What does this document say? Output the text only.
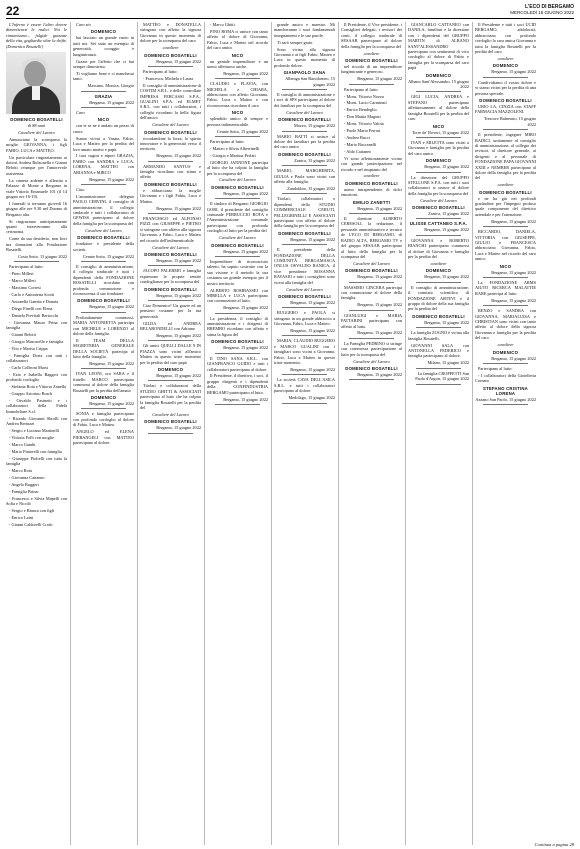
22	L'ECO DI BERGAMO
MERCOLEDÌ 15 GIUGNO 2022

L'Inferno è essere l'altro dovere dimenticarsi le radici. Noi le rimuoviamo... fulgide guizzate della vita, gagliardie oltre la drifte. (Domenico Bosatelli)

DOMENICO BOSATELLI

di 88 anni

Cavaliere del Lavoro

Annunciano la scomparsa la moglie GIOVANNA, i figli FABIO, LUCA e MATTEO.

Un particolare ringraziamento ai dottori Andrea Bolzonella e Gianni Belotti ovunque per l'amorevole assistenza.

La camera ardente è allestita a Palazzo di Monte a Bergamo in viale Vittorio Emanuele 101 (il 14 giugno ore 16-19).

I funerali si terranno giovedì 16 giugno alle ore 9.30 nel Duomo di Bergamo alta.

Si ringraziano anticipatamente quanti interverranno alla cerimonia.

Come da sua desiderio, non fiori ma donazioni alla Fondazione Bosatelli.

Costa Sotto, 13 giugno 2022

Partecipano al lutto:

- Piero Milleri

- Marco Milleri

- Massimo Cortesi

- Carlo e Antonietta Scotti

- Antonella Gamba e Donata

- Diego Finelli con Elena

- Daniela Previtali Bertocchi

- Giovanna Mauro Prina con famiglia

- Gianni Belotti

- Giorgio Mascarello e famiglia

- Vito e Marisa Crippa

- Famiglia Doria con tutti i collaboratori

- Carlo Colleoni Marsi

- Ezio e Isabella Baggeri con profondo cordoglio

- Stefania Roia e Vittorio Zanella

- Gruppo Astorino Bosch

- Osvaldo Pasinetti e i collaboratori della Fidelà Immobiliare S.r.l.

- Ricardo Giovanni Sbrolli con Andrea Bertuzzi

- Sergio e Luciano Martinelli

- Vittoria Folli con moglie

- Marco Gambi

- Mario Finiorelli con famiglia

- Giuseppe Pioltelli con tutta la famiglia

- Marco Rota

- Giovanna Cattaneo

- Angelo Ruggeri

- Famiglia Brinzi

- Francesco e Silvia Mapelli con Sofia e Nicolò

- Sergio e Bianca con figli

- Enrico Laini

- Gianni Caldorelli Crotti

Caro zio

DOMENICO

hai lasciato un grande vuoto in tutti noi. Sei stato un esempio di generosità, coraggio e lungimiranza.

Grazie per l'affetto che ci hai sempre dimostrato.

Ti vogliamo bene e ci mancherai tanto.

Massimo, Monica, Giorgio

GRAZIA

Bergamo, 15 giugno 2022

Caro

NICO

con te se ne è andato un pezzo di cuore.

Siamo vicini a Vanna, Fabio, Luca e Matteo per la perdita del loro amato marito e papà.

I tuoi cugini e nipoti GRAZIA, FABIO con SANDRA e LUCA, LORENA, MATTEO con ARIANNA e MIRCO

Bergamo, 15 giugno 2022

Ciao

L'amministratore delegato PAOLO CERVINI, il consiglio di amministrazione, il collegio sindacale e tutti i collaboratori di GEWISS partecipano al dolore della famiglia per la scomparsa del

Cavaliere del Lavoro

DOMENICO BOSATELLI

fondatore e presidente della società.

Cenate Sotto, 15 giugno 2022

Il consiglio di amministrazione, il collegio sindacale e tutti i dipendenti della FONDAZIONE BOSATELLI ricordano con profonda commozione e riconoscenza il suo fondatore

DOMENICO BOSATELLI

Bergamo, 15 giugno 2022

Profondamente commossi, MARIA ANTONIETTA partecipa con MICHELE e LORENZO al dolore della famiglia.

Il TEAM DELLA SEGRETERIA GENERALE DELLA SOCIETÀ partecipa al lutto della famiglia.

Bergamo, 15 giugno 2022

IVAN LEONI, ora SARA e il fratello MARCO partecipano commossi al dolore della famiglia Bosatelli per la perdita dell'amato

DOMENICO

Bergamo, 15 giugno 2022

SONIA e famiglia partecipano con profondo cordoglio al dolore di Fabio, Luca e Matteo.

ANGELO ed ELENA PIERANGELI con MATTEO partecipano al dolore.

MATTEO e DONATELLA stringono con affetto la signora Giovanna in questo momento di dolore per la scomparsa del caro

cavaliere

DOMENICO BOSATELLI

Bergamo, 15 giugno 2022

Partecipano al lutto:

- Francesca, Michela e Laura

Il consiglio di amministrazione di COSTIM S.R.L. e delle controllate IMPRESA FERCASSI S.P.A., GUALINI S.P.A. ed ELMET S.R.L. con tutti i collaboratori, i colleghi ricordano la bella figura dell'amico

Cavaliere del Lavoro

DOMENICO BOSATELLI

ricordandone la forza, lo spirito innovatore e la generosità verso il territorio.

Bergamo, 15 giugno 2022

ARMANDO SANTUS e famiglia ricordano con stima e affetto

DOMENICO BOSATELLI

e abbracciano la moglie Giovanna e i figli Fabio, Luca e Matteo.

Bergamo, 15 giugno 2022

FRANCESCO ed ALFONSO PIZZI con GIUSEPPE e PIETRO si stringono con affetto alla signora Giovanna, a Fabio, Luca e Matteo nel ricordo dell'indimenticabile

Cavaliere del Lavoro

DOMENICO BOSATELLI

Bergamo, 15 giugno 2022

JACOPO PALERMO e famiglia esprimono le proprie sentite condoglianze per la scomparsa del

DOMENICO BOSATELLI

Bergamo, 15 giugno 2022

Ciao Domenico! Un grazie ed un pensiero costante per la tua generosità.

GILDA ed ANDREA BELABONDELLI con Adriano

Bergamo, 15 giugno 2022

Gli amici QUELLI DALLE 9 IN PIAZZA sono vicini all'amico Matteo in questo triste momento per la perdita del caro papà

DOMENICO

Bergamo, 15 giugno 2022

Titolari e collaboratori della STUDIO GHITTI & ASSOCIATI partecipano al lutto che ha colpito la famiglia Bosatelli per la perdita del

Cavaliere del Lavoro

DOMENICO BOSATELLI

Bergamo, 15 giugno 2022

- Marco Ghitti

PINO ROMA ci unisce con tanto affetto al dolore di Giovanna, Fabio, Luca e Matteo nel ricordo del caro amico

NICO

un geniale imprenditore e un uomo affettuoso anche.

Bergamo, 15 giugno 2022

CLAUDIO e FLAVIA, con MICHELA e CHIARA, abbracciano con affetto Giovanna, Fabio, Luca e Matteo e con riconoscenza ricordano il caro

NICO

splendido amico di sempre e persona indimenticabile.

Cenate Sotto, 15 giugno 2022

Partecipano al lutto:

- Matteo e Silvia Albertinelli

- Giorgio e Martina Perlati

GIORGIO JANNONE partecipa al lutto che ha colpito la famiglia per la scomparsa del

Cavaliere del Lavoro

DOMENICO BOSATELLI

Bergamo, 15 giugno 2022

Il sindaco di Bergamo GIORGIO GORI, il presidente del consiglio comunale FERRUCCIO ROTA e l'Amministrazione comunale partecipano con profondo cordoglio al lutto per la perdita del

Cavaliere del Lavoro

DOMENICO BOSATELLI

Bergamo, 15 giugno 2022

Imprenditore di riconosciuto talento, ha saputo costruire con la sua visione e il metodo la sua costanza un grande esempio per il nostro territorio.

ALBERTO BOMBASSEI con MIRELLA e LUCA partecipano con commozione al lutto.

Bergamo, 15 giugno 2022

La presidenza, il consiglio di amministrazione e i dirigenti di BREMBO ricordano con affetto e stima la figura del

DOMENICO BOSATELLI

Bergamo, 15 giugno 2022

Il TINO SANA S.R.L. con GIANFRANCO GUIDO e tutti i collaboratori partecipano al dolore.

Il Presidente, il direttivo, i soci, il gruppo dirigenti e i dipendenti della CONFINDUSTRIA BERGAMO partecipano al lutto.

Bergamo, 15 giugno 2022

grande amico e maestro. Mi mancheranno i suoi fondamentali insegnamenti e le sue parole.

Ti sarò sempre grato.

Sono vicino alla signora Giovanna e ai figli Fabio, Matteo e Luca in questo momento di profondo dolore.

GIANPAOLO SANA

Albenga San Bartolomeo, 15 giugno 2022

Il consiglio di amministrazione e i soci di SPS partecipano al dolore dei familiari per la scomparsa del

Cavaliere del Lavoro

DOMENICO BOSATELLI

Mozzo, 15 giugno 2022

MARIO BATTI si unisce al dolore dei familiari per la perdita del caro amico

DOMENICO BOSATELLI

Zanica, 15 giugno 2022

MARIO, MARGHERITA, GIULIA e Paola sono vicini con affetto alla famiglia.

Zandobbio, 15 giugno 2022

Titolari, collaboratori e dipendenti dello STUDIO COMMERCIALE CERUTI, PELLEGRINELLI E ASSOCIATI partecipano con affetto al dolore della famiglia per la scomparsa del

DOMENICO BOSATELLI

Bergamo, 15 giugno 2022

Il presidente della FONDAZIONE DELLA COMUNITÀ BERGAMASCA ONLUS OSVALDO RANICA, il vice presidente ROSANNA RAVASIO e tutti i consiglieri sono vicini alla famiglia del

Cavaliere del Lavoro

DOMENICO BOSATELLI

Bergamo, 15 giugno 2022

RUGGERO e PAOLA si stringono in un grande abbraccio a Giovanna, Fabio, Luca e Matteo.

Bergamo, 15 giugno 2022

MARIA, CLAUDIO RUGGERO e MARCO GUALINI con i famigliari sono vicini a Giovanna, Fabio, Luca e Matteo in questo triste momento.

Bergamo, 15 giugno 2022

La società CAVA DELL'ASILA S.R.L. e tutti i collaboratori partecipano al dolore.

Medolago, 15 giugno 2022

Il Presidente, il Vice presidente, i Consiglieri delegati, i revisori dei conti, il collegio sindacale di SESAAB partecipano al dolore della famiglia per la scomparsa del

cavaliere

DOMENICO BOSATELLI

nel ricordo di un imprenditore lungimirante e generoso.

Bergamo, 15 giugno 2022

Partecipano al lutto:

- Mons. Vittorio Nozza

- Mons. Lucio Carminati

- Enrico Bendeglio

- Don Mattia Magoni

- Mons. Vittorio Valota

- Paolo Maria Ferrari

- Andrea Bucci

- Mario Baccanelli

- Aldo Cattaneo

Vi sono affettuosamente vicino con grande partecipazione nel ricordo e nel rimpianto del

cavaliere

DOMENICO BOSATELLI

uomo intraprendente di dolci emozioni.

EMILIO ZANETTI

Bergamo, 15 giugno 2022

Il direttore ALBERTO CERESOLI, la redazione, il personale amministrativo e tecnico de L'ECO DI BERGAMO, di RADIO ALTA, BERGAMO TV e del gruppo SESAAB partecipano al lutto della famiglia per la scomparsa del

Cavaliere del Lavoro

DOMENICO BOSATELLI

Bergamo, 15 giugno 2022

MASSIMO CINCERA partecipa con commozione al dolore della famiglia.

Bergamo, 15 giugno 2022

GIANLUIGI e MARIA PATTARINI partecipano con affetto al lutto.

Bergamo, 15 giugno 2022

La Famiglia PEDRINO si stringe con commossa partecipazione al lutto per la scomparsa del

Cavaliere del Lavoro

DOMENICO BOSATELLI

Bergamo, 15 giugno 2022

GIANCARLO CATTANEO con DANILA, familiari e la direzione con i dipendenti del GRUPPO MARTIN di ALBANO SANT'ALESSANDRO partecipano con sentimenti di vivo cordoglio al dolore di Fabio e famiglia per la scomparsa del caro papà

DOMENICO

Albano Sant'Alessandro, 15 giugno 2022

GIGI LUCIA, ANDREA e STEFANO partecipano affettuosamente al dolore della famiglia Bosatelli per la perdita del caro

NICO

Torre de' Roveri, 15 giugno 2022

IVAN e MILETTA sono vicini a Giovanna e famiglia per la perdita del caro amico

DOMENICO

Bergamo, 15 giugno 2022

La direzione del GRUPPO STELLONE S.P.A. con tutti i suoi collaboratori si unisce al dolore della famiglia per la scomparsa del

Cavaliere del Lavoro

DOMENICO BOSATELLI

Zanica, 15 giugno 2022

ULISSE CATTANEO S.P.A.

Bergamo, 15 giugno 2022

GIOVANNA e ROBERTO BIANCHI partecipano commossi al dolore di Giovanna e famiglia per la perdita del

cavaliere

DOMENICO

Bergamo, 15 giugno 2022

Il consiglio di amministrazione, il comitato scientifico di FONDAZIONE ARTEVI e il gruppo di dolore della sua famiglia per la perdita del

DOMENICO BOSATELLI

Bergamo, 15 giugno 2022

La famiglia ZOGNO è vicina alla famiglia Bosatelli.

GIOVANNI SALA con ANTONELLA FEDERICO e famiglia partecipano al dolore.

Milano, 15 giugno 2022

La famiglia CROPPETTI San Paolo d'Argon, 15 giugno 2022

Il Presidente e tutti i soci UCID BERGAMO, addolorati, abbracciano con profondo cordoglio la cara amica Giovanna e tutta la famiglia Bosatelli per la perdita del caro

cavaliere

DOMENICO

Bergamo, 15 giugno 2022

Condividiamo il vostro dolore e vi siamo vicini per la perdita di una persona speciale.

DOMENICO BOSATELLI

URIO LA, CINZIA con STAFF FARMACIA MAZZOLENI.

Trescore Balneario, 15 giugno 2022

Il presidente, ingegner MIRO RADICI, unitamente al consiglio di amministrazione, al collegio dei revisori, al direttore generale, ai dirigenti e al personale di FONDAZIONE PAPA GIOVANNI XXIII e NEMBER partecipano al dolore della famiglia per la perdita del

cavaliere

DOMENICO BOSATELLI

e ne ha già nei profondi gratitudine per l'impegno profuso quale componente del direttivo aziendale e per l'attenzione.

Bergamo, 15 giugno 2022

RICCARDO, DANIELA, VITTORIA con GIUSEPPE, GIULIO e FRANCESCA abbracciano Giovanna, Fabio, Luca e Matteo nel ricordo del caro amico

NICO

Bergamo, 15 giugno 2022

La FONDAZIONE ARMS AIUTO RICERCA MALATTIE RARE partecipa al lutto.

Bergamo, 15 giugno 2022

RENZO e SANDRA con GIOVANNA, MARIALUISA e CHRISTIAN sono vicini con tanto affetto al dolore della signora Giovanna e famiglia per la perdita del caro

cavaliere

DOMENICO

Bergamo, 15 giugno 2022

Partecipano al lutto:

- I collaboratori della Gioielleria Cornaro

STEFANO CRISTINA LORENA

Azzano San Paolo, 15 giugno 2022

Continua a pagina 28
